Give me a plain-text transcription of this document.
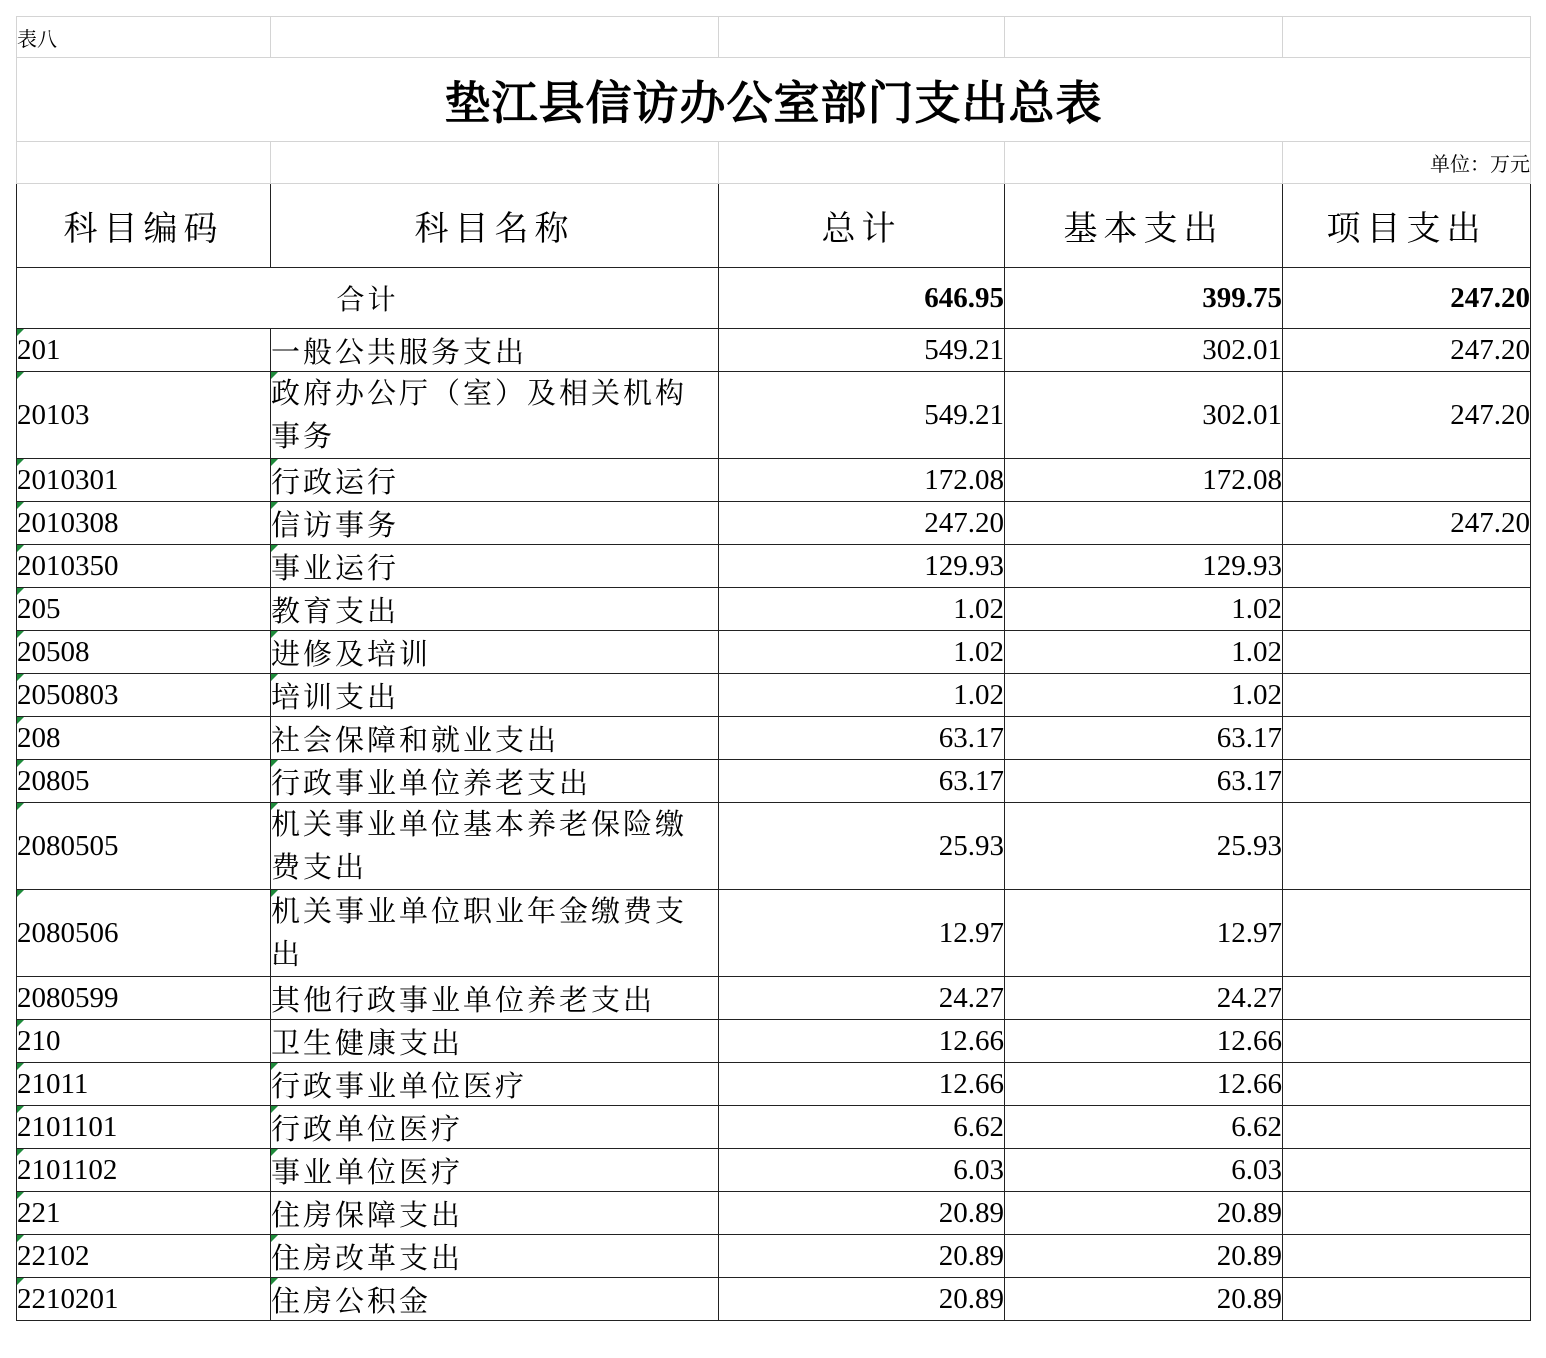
表八				
垫江县信访办公室部门支出总表				
				单位：万元
科目编码	科目名称	总计	基本支出	项目支出
合计		646.95	399.75	247.20
201	一般公共服务支出	549.21	302.01	247.20
20103	政府办公厅（室）及相关机构事务	549.21	302.01	247.20
2010301	行政运行	172.08	172.08	
2010308	信访事务	247.20		247.20
2010350	事业运行	129.93	129.93	
205	教育支出	1.02	1.02	
20508	进修及培训	1.02	1.02	
2050803	培训支出	1.02	1.02	
208	社会保障和就业支出	63.17	63.17	
20805	行政事业单位养老支出	63.17	63.17	
2080505	机关事业单位基本养老保险缴费支出	25.93	25.93	
2080506	机关事业单位职业年金缴费支出	12.97	12.97	
2080599	其他行政事业单位养老支出	24.27	24.27	
210	卫生健康支出	12.66	12.66	
21011	行政事业单位医疗	12.66	12.66	
2101101	行政单位医疗	6.62	6.62	
2101102	事业单位医疗	6.03	6.03	
221	住房保障支出	20.89	20.89	
22102	住房改革支出	20.89	20.89	
2210201	住房公积金	20.89	20.89	
